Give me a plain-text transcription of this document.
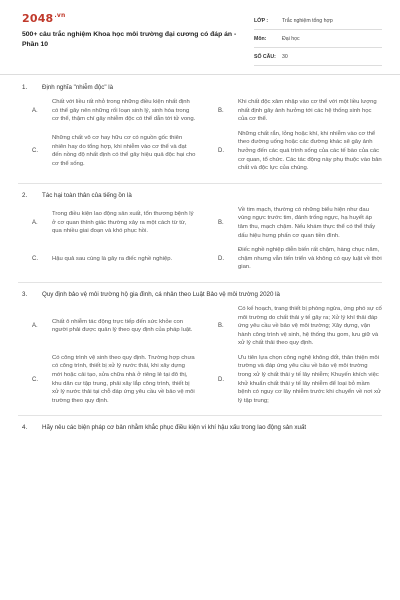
$2048^{.vn}$
500+ câu trắc nghiệm Khoa học môi trường đại cương có đáp án - Phần 10
LỚP :	Trắc nghiệm tổng hợp
Môn:	Đại học
SỐ CÂU:	30
1.	Định nghĩa "nhiễm độc" là
A.
Chất với liều rất nhỏ trong những điều kiện nhất định có thể gây nên những rối loạn sinh lý, sinh hóa trong cơ thể, thậm chí gây nhiễm độc có thể dẫn tới tử vong.
B.
Khi chất độc xâm nhập vào cơ thể với một liều lượng nhất định gây ảnh hưởng tới các hệ thống sinh học của cơ thể.
C.
Những chất vô cơ hay hữu cơ có nguồn gốc thiên nhiên hay do tổng hợp, khi nhiễm vào cơ thể và đạt đến nồng độ nhất định có thể gây hiệu quả độc hại cho cơ thể sống.
D.
Những chất rắn, lỏng hoặc khí, khi nhiễm vào cơ thể theo đường uống hoặc các đường khác sẽ gây ảnh hưởng đến các quá trình sống của các tế bào của các cơ quan, tổ chức. Các tác động này phụ thuộc vào bản chất và độc lực của chúng.
2.	Tác hại toàn thân của tiếng ồn là
A.
Trong điều kiện lao động sản xuất, tổn thương bệnh lý ở cơ quan thính giác thường xảy ra một cách từ từ, qua nhiều giai đoạn và khó phục hồi.
B.
Về tim mạch, thường có những biểu hiện như đau vùng ngực trước tim, đánh trống ngực, hạ huyết áp tâm thu, mạch chậm. Nếu khám thực thể có thể thấy dấu hiệu hưng phấn cơ quan tiền đình.
C.	Hậu quả sau cùng là gây ra điếc nghề nghiệp.	D.
Điếc nghề nghiệp diễn biến rất chậm, hàng chục năm, chậm nhưng vẫn tiến triển và không có quy luật về thời gian.
3.	Quy định bảo vệ môi trường hộ gia đình, cá nhân theo Luật Bảo vệ môi trường 2020 là
A.
Chất ô nhiễm tác động trực tiếp đến sức khỏe con người phải được quản lý theo quy định của pháp luật.
B.
Có kế hoạch, trang thiết bị phòng ngừa, ứng phó sự cố môi trường do chất thải y tế gây ra; Xử lý khí thải đáp ứng yêu cầu về bảo vệ môi trường; Xây dựng, vận hành công trình vệ sinh, hệ thống thu gom, lưu giữ và xử lý chất thải theo quy định.
C.
Có công trình vệ sinh theo quy định. Trường hợp chưa có công trình, thiết bị xử lý nước thải, khi xây dựng mới hoặc cải tạo, sửa chữa nhà ở riêng lẻ tại đô thị, khu dân cư tập trung, phải xây lắp công trình, thiết bị xử lý nước thải tại chỗ đáp ứng yêu cầu về bảo vệ môi trường theo quy định.
D.
Ưu tiên lựa chọn công nghệ không đốt, thân thiện môi trường và đáp ứng yêu cầu về bảo vệ môi trường trong xử lý chất thải y tế lây nhiễm; Khuyến khích việc khử khuẩn chất thải y tế lây nhiễm để loại bỏ mầm bệnh có nguy cơ lây nhiễm trước khi chuyển về nơi xử lý tập trung;
4.	Hãy nêu các biện pháp cơ bản nhằm khắc phục điều kiện vi khí hậu xấu trong lao động sản xuất
